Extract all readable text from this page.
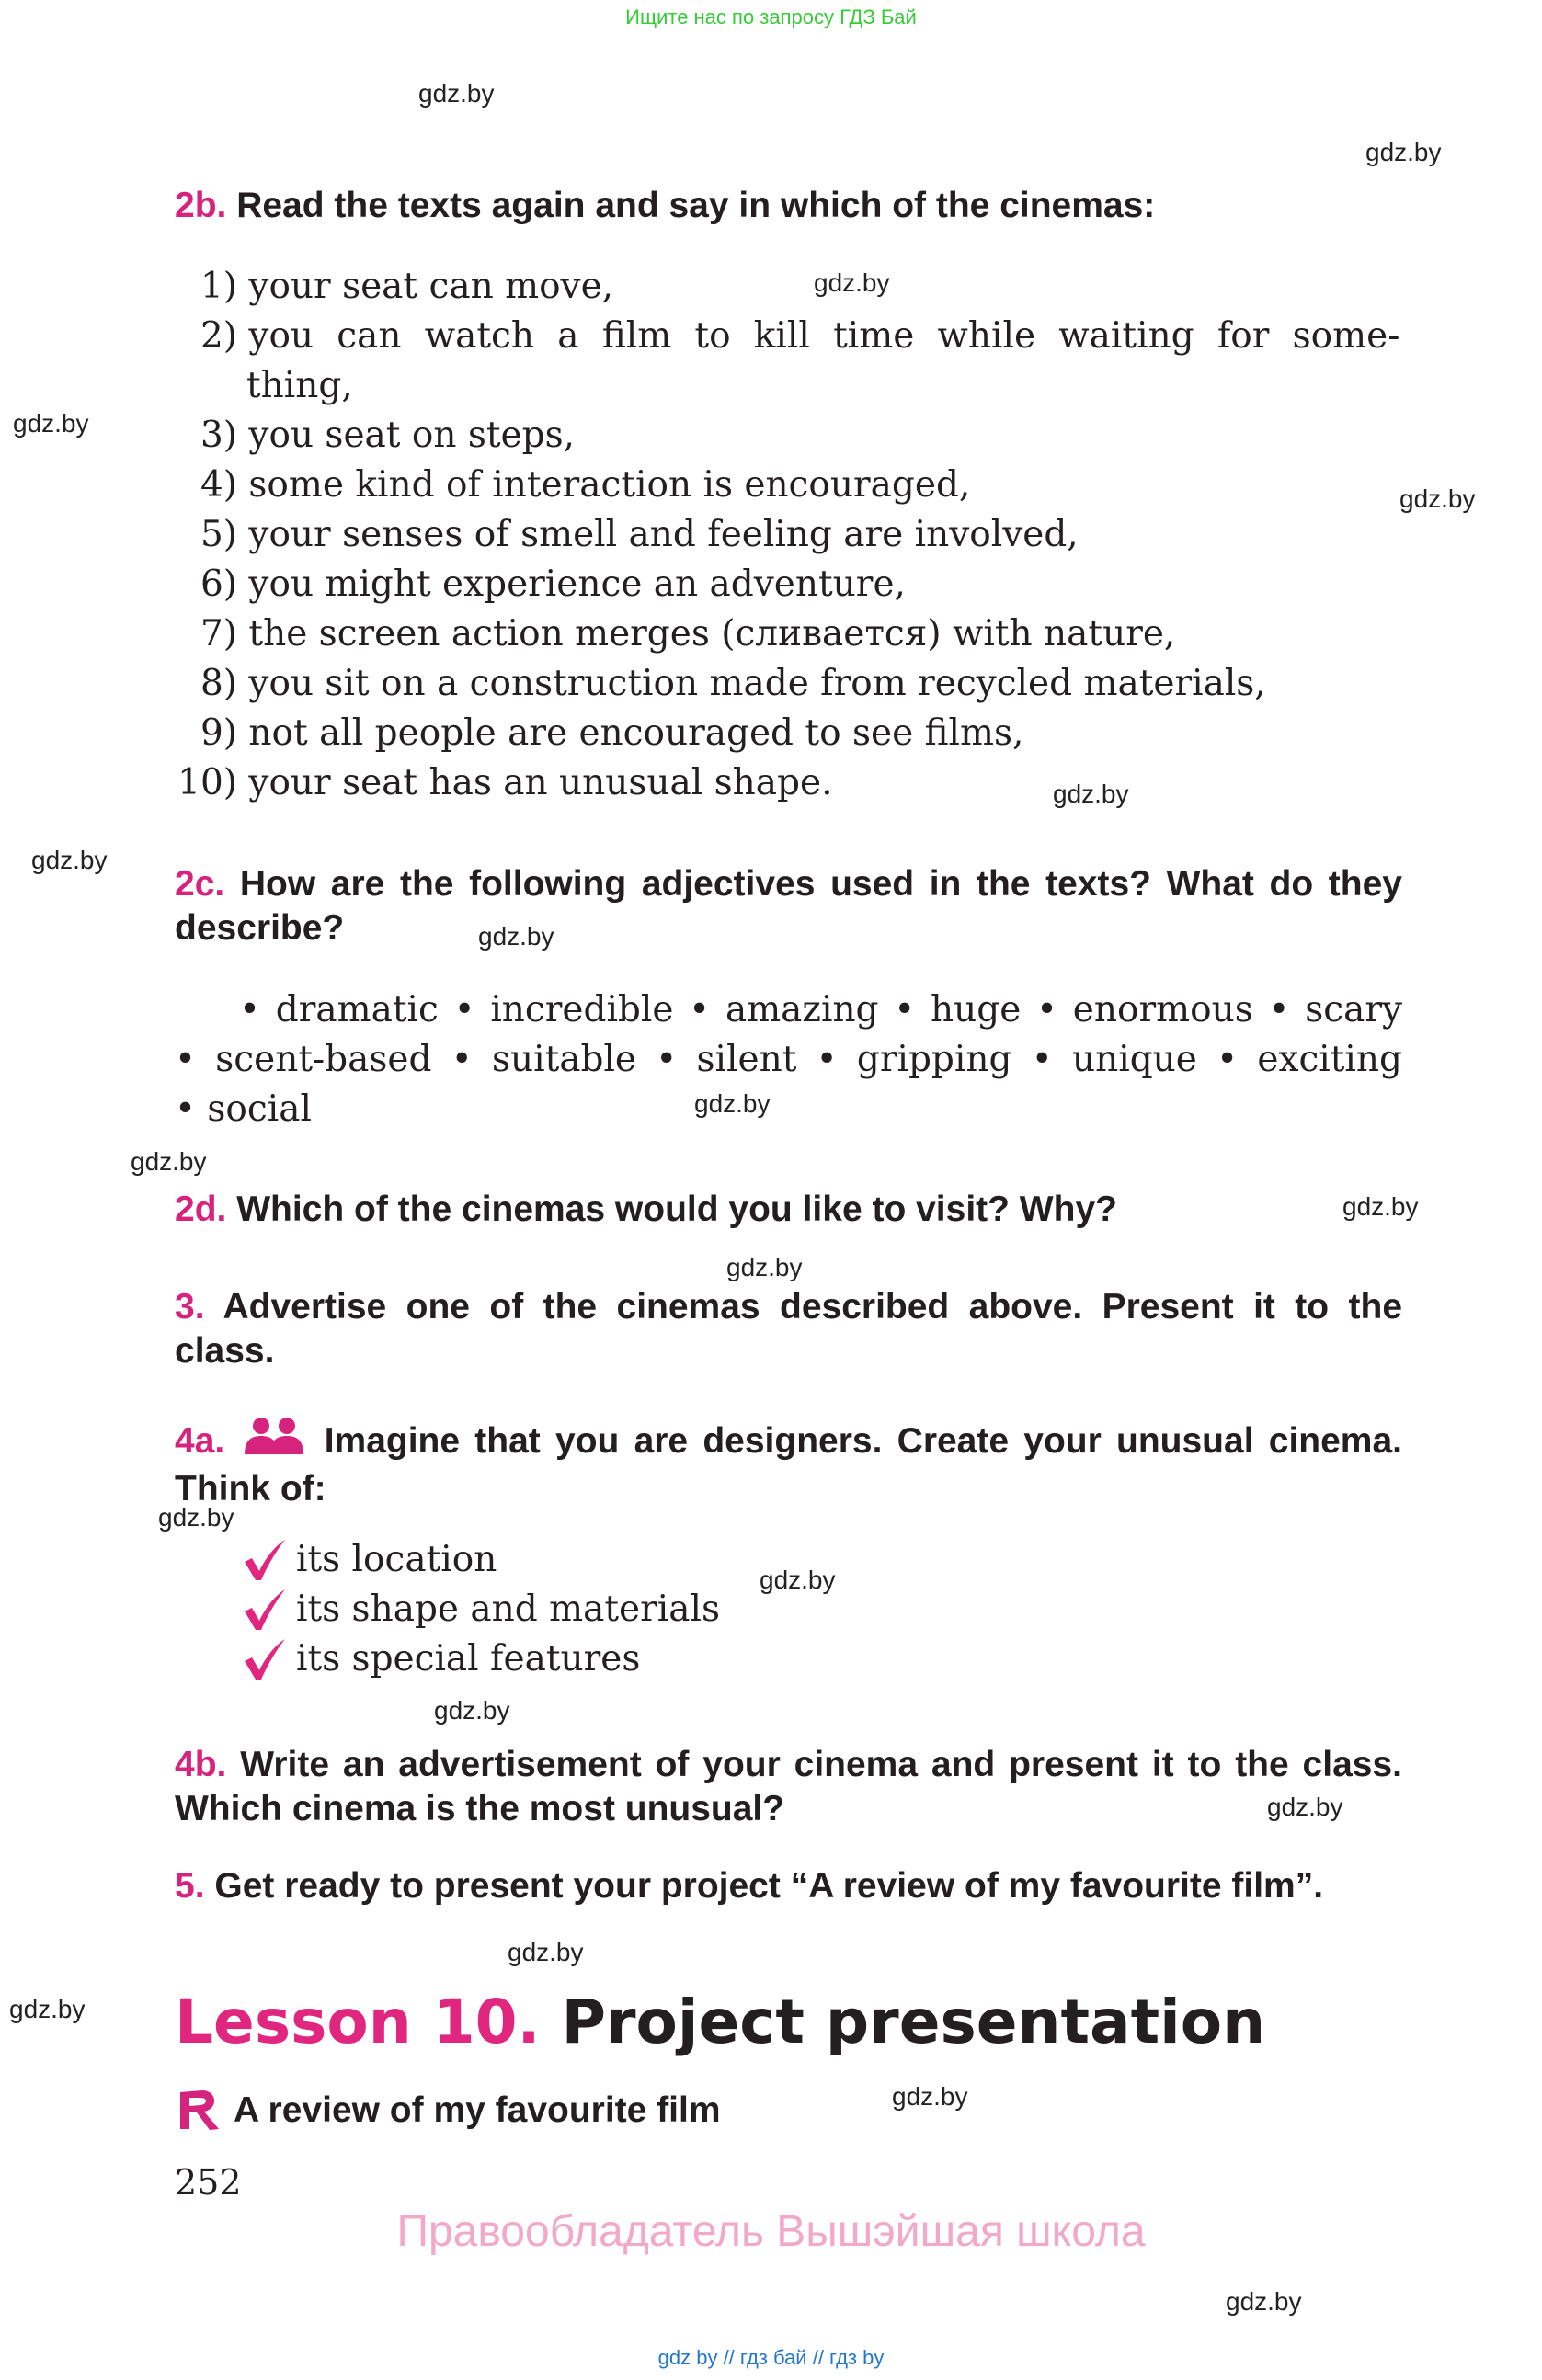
Ищите нас по запросу ГДЗ Бай
gdz.by
gdz.by
gdz.by
gdz.by
gdz.by
gdz.by
gdz.by
gdz.by
gdz.by
gdz.by
gdz.by
gdz.by
gdz.by
gdz.by
gdz.by
gdz.by
gdz.by
gdz.by
gdz.by
gdz.by
2b. Read the texts again and say in which of the cinemas:
1) your seat can move,
2) you can watch a film to kill time while waiting for some-
thing,
3) you seat on steps,
4) some kind of interaction is encouraged,
5) your senses of smell and feeling are involved,
6) you might experience an adventure,
7) the screen action merges (сливается) with nature,
8) you sit on a construction made from recycled materials,
9) not all people are encouraged to see films,
10) your seat has an unusual shape.
2c. How are the following adjectives used in the texts? What do they describe?
• dramatic • incredible • amazing • huge • enormous • scary
• scent-based • suitable • silent • gripping • unique • exciting
• social
2d. Which of the cinemas would you like to visit? Why?
3. Advertise one of the cinemas described above. Present it to the class.
4a.	Imagine that you are designers. Create your unusual cinema. Think of:
its location
its shape and materials
its special features
4b. Write an advertisement of your cinema and present it to the class. Which cinema is the most unusual?
5. Get ready to present your project “A review of my favourite film”.
Lesson 10. Project presentation
A review of my favourite film
252
Правообладатель Вышэйшая школа
gdz by // гдз бай // гдз by
